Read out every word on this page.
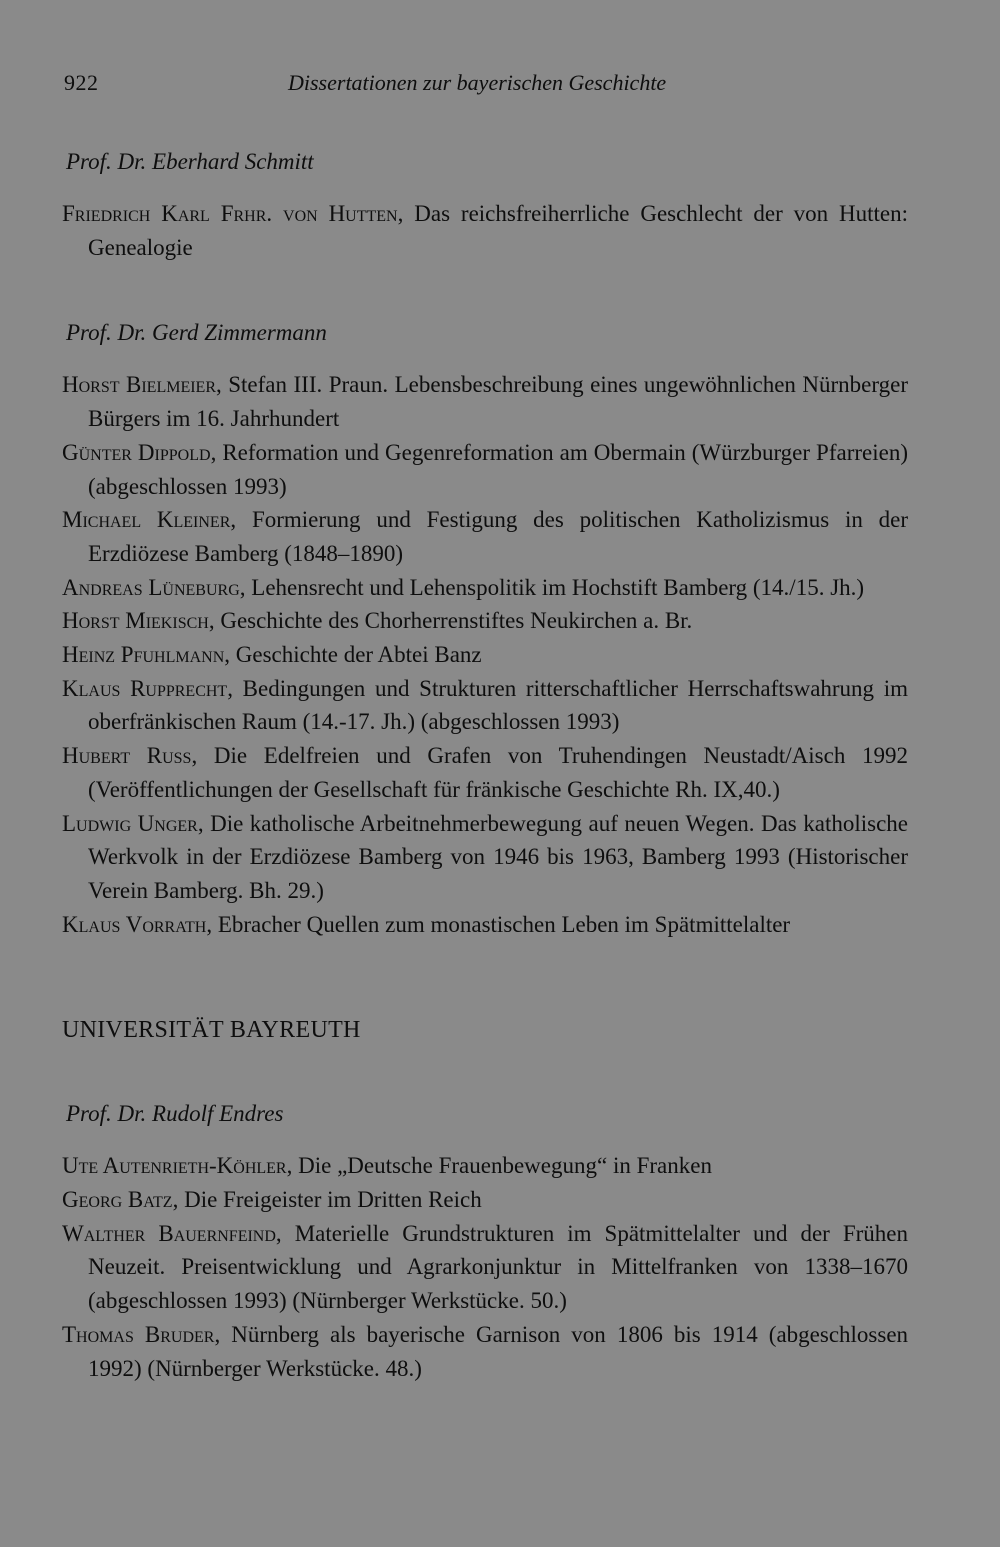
922	Dissertationen zur bayerischen Geschichte
Prof. Dr. Eberhard Schmitt
Friedrich Karl Frhr. von Hutten, Das reichsfreiherrliche Geschlecht der von Hutten: Genealogie
Prof. Dr. Gerd Zimmermann
Horst Bielmeier, Stefan III. Praun. Lebensbeschreibung eines ungewöhnlichen Nürnberger Bürgers im 16. Jahrhundert
Günter Dippold, Reformation und Gegenreformation am Obermain (Würzburger Pfarreien) (abgeschlossen 1993)
Michael Kleiner, Formierung und Festigung des politischen Katholizismus in der Erzdiözese Bamberg (1848–1890)
Andreas Lüneburg, Lehensrecht und Lehenspolitik im Hochstift Bamberg (14./15. Jh.)
Horst Miekisch, Geschichte des Chorherrenstiftes Neukirchen a. Br.
Heinz Pfuhlmann, Geschichte der Abtei Banz
Klaus Rupprecht, Bedingungen und Strukturen ritterschaftlicher Herrschaftswahrung im oberfränkischen Raum (14.-17. Jh.) (abgeschlossen 1993)
Hubert Russ, Die Edelfreien und Grafen von Truhendingen Neustadt/Aisch 1992 (Veröffentlichungen der Gesellschaft für fränkische Geschichte Rh. IX,40.)
Ludwig Unger, Die katholische Arbeitnehmerbewegung auf neuen Wegen. Das katholische Werkvolk in der Erzdiözese Bamberg von 1946 bis 1963, Bamberg 1993 (Historischer Verein Bamberg. Bh. 29.)
Klaus Vorrath, Ebracher Quellen zum monastischen Leben im Spätmittelalter
UNIVERSITÄT BAYREUTH
Prof. Dr. Rudolf Endres
Ute Autenrieth-Köhler, Die „Deutsche Frauenbewegung“ in Franken
Georg Batz, Die Freigeister im Dritten Reich
Walther Bauernfeind, Materielle Grundstrukturen im Spätmittelalter und der Frühen Neuzeit. Preisentwicklung und Agrarkonjunktur in Mittelfranken von 1338–1670 (abgeschlossen 1993) (Nürnberger Werkstücke. 50.)
Thomas Bruder, Nürnberg als bayerische Garnison von 1806 bis 1914 (abgeschlossen 1992) (Nürnberger Werkstücke. 48.)
